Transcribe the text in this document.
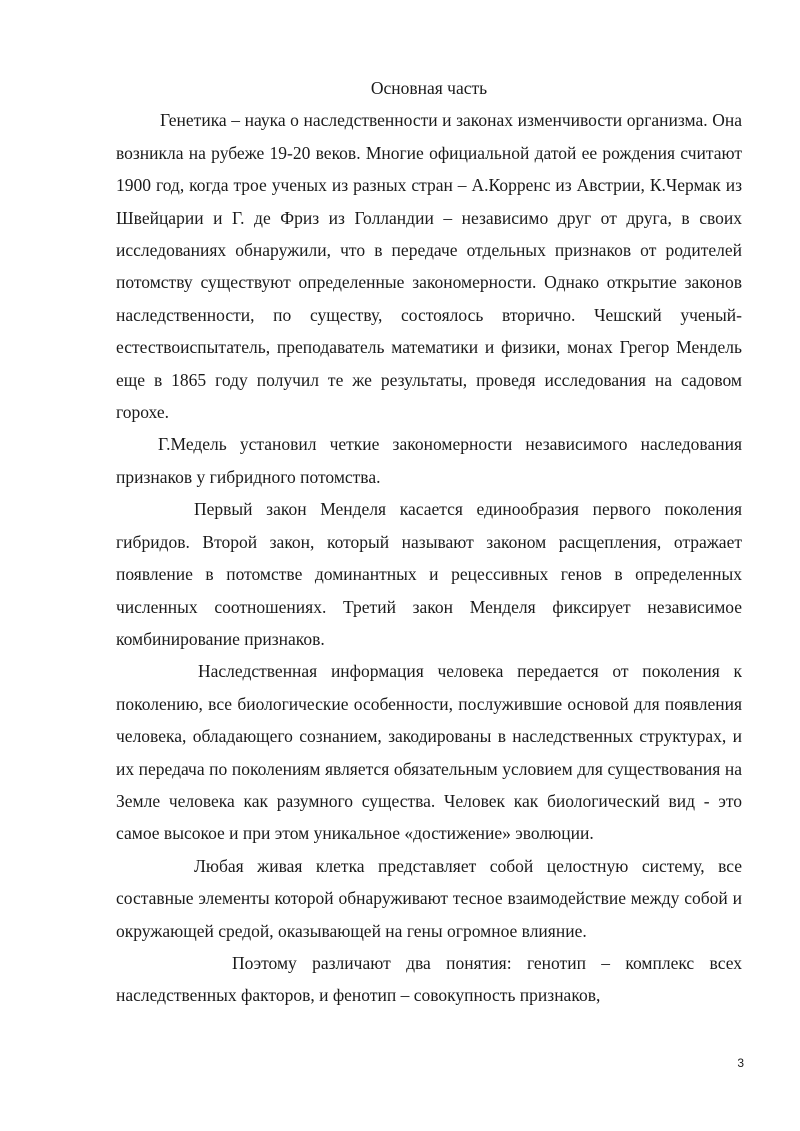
Основная часть

Генетика – наука о наследственности и законах изменчивости организма. Она возникла на рубеже 19-20 веков. Многие официальной датой ее рождения считают 1900 год, когда трое ученых из разных стран – А.Корренс из Австрии, К.Чермак из Швейцарии и Г. де Фриз из Голландии – независимо друг от друга, в своих исследованиях обнаружили, что в передаче отдельных признаков от родителей потомству существуют определенные закономерности. Однако открытие законов наследственности, по существу, состоялось вторично. Чешский ученый-естествоиспытатель, преподаватель математики и физики, монах Грегор Мендель еще в 1865 году получил те же результаты, проведя исследования на садовом горохе.

Г.Медель установил четкие закономерности независимого наследования признаков у гибридного потомства.

Первый закон Менделя касается единообразия первого поколения гибридов. Второй закон, который называют законом расщепления, отражает появление в потомстве доминантных и рецессивных генов в определенных численных соотношениях. Третий закон Менделя фиксирует независимое комбинирование признаков.

Наследственная информация человека передается от поколения к поколению, все биологические особенности, послужившие основой для появления человека, обладающего сознанием, закодированы в наследственных структурах, и их передача по поколениям является обязательным условием для существования на Земле человека как разумного существа. Человек как биологический вид - это самое высокое и при этом уникальное «достижение» эволюции.

Любая живая клетка представляет собой целостную систему, все составные элементы которой обнаруживают тесное взаимодействие между собой и окружающей средой, оказывающей на гены огромное влияние.

Поэтому различают два понятия: генотип – комплекс всех наследственных факторов, и фенотип – совокупность признаков,

3
